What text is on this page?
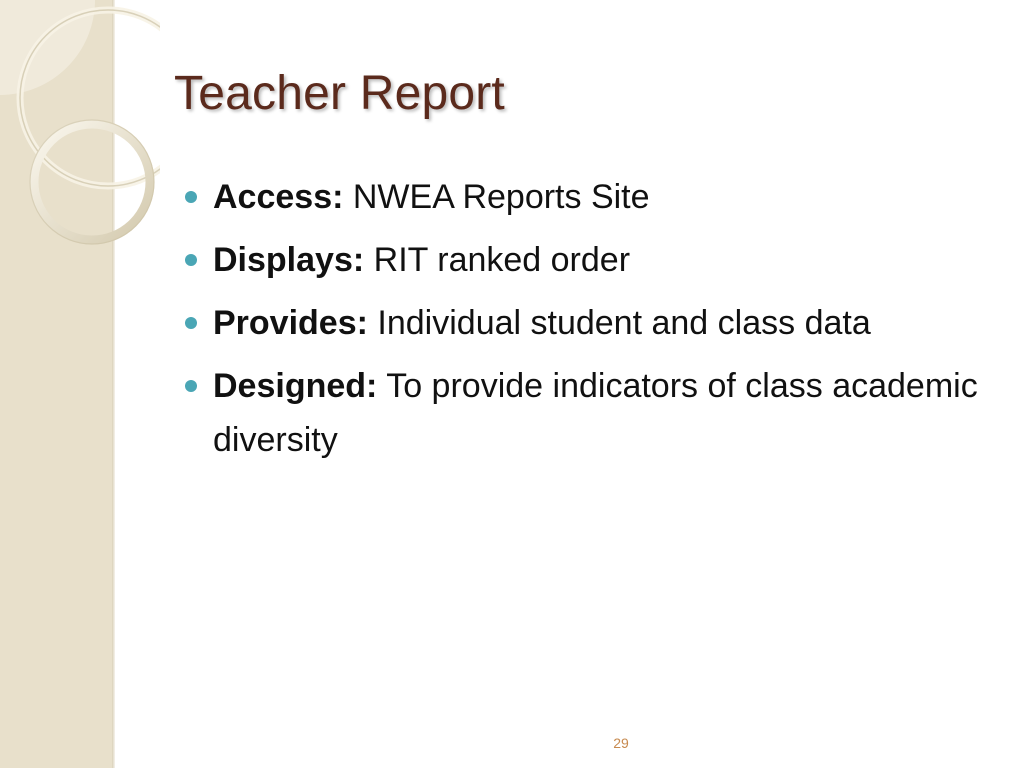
Teacher Report
Access: NWEA Reports Site
Displays: RIT ranked order
Provides: Individual student and class data
Designed: To provide indicators of class academic diversity
29
